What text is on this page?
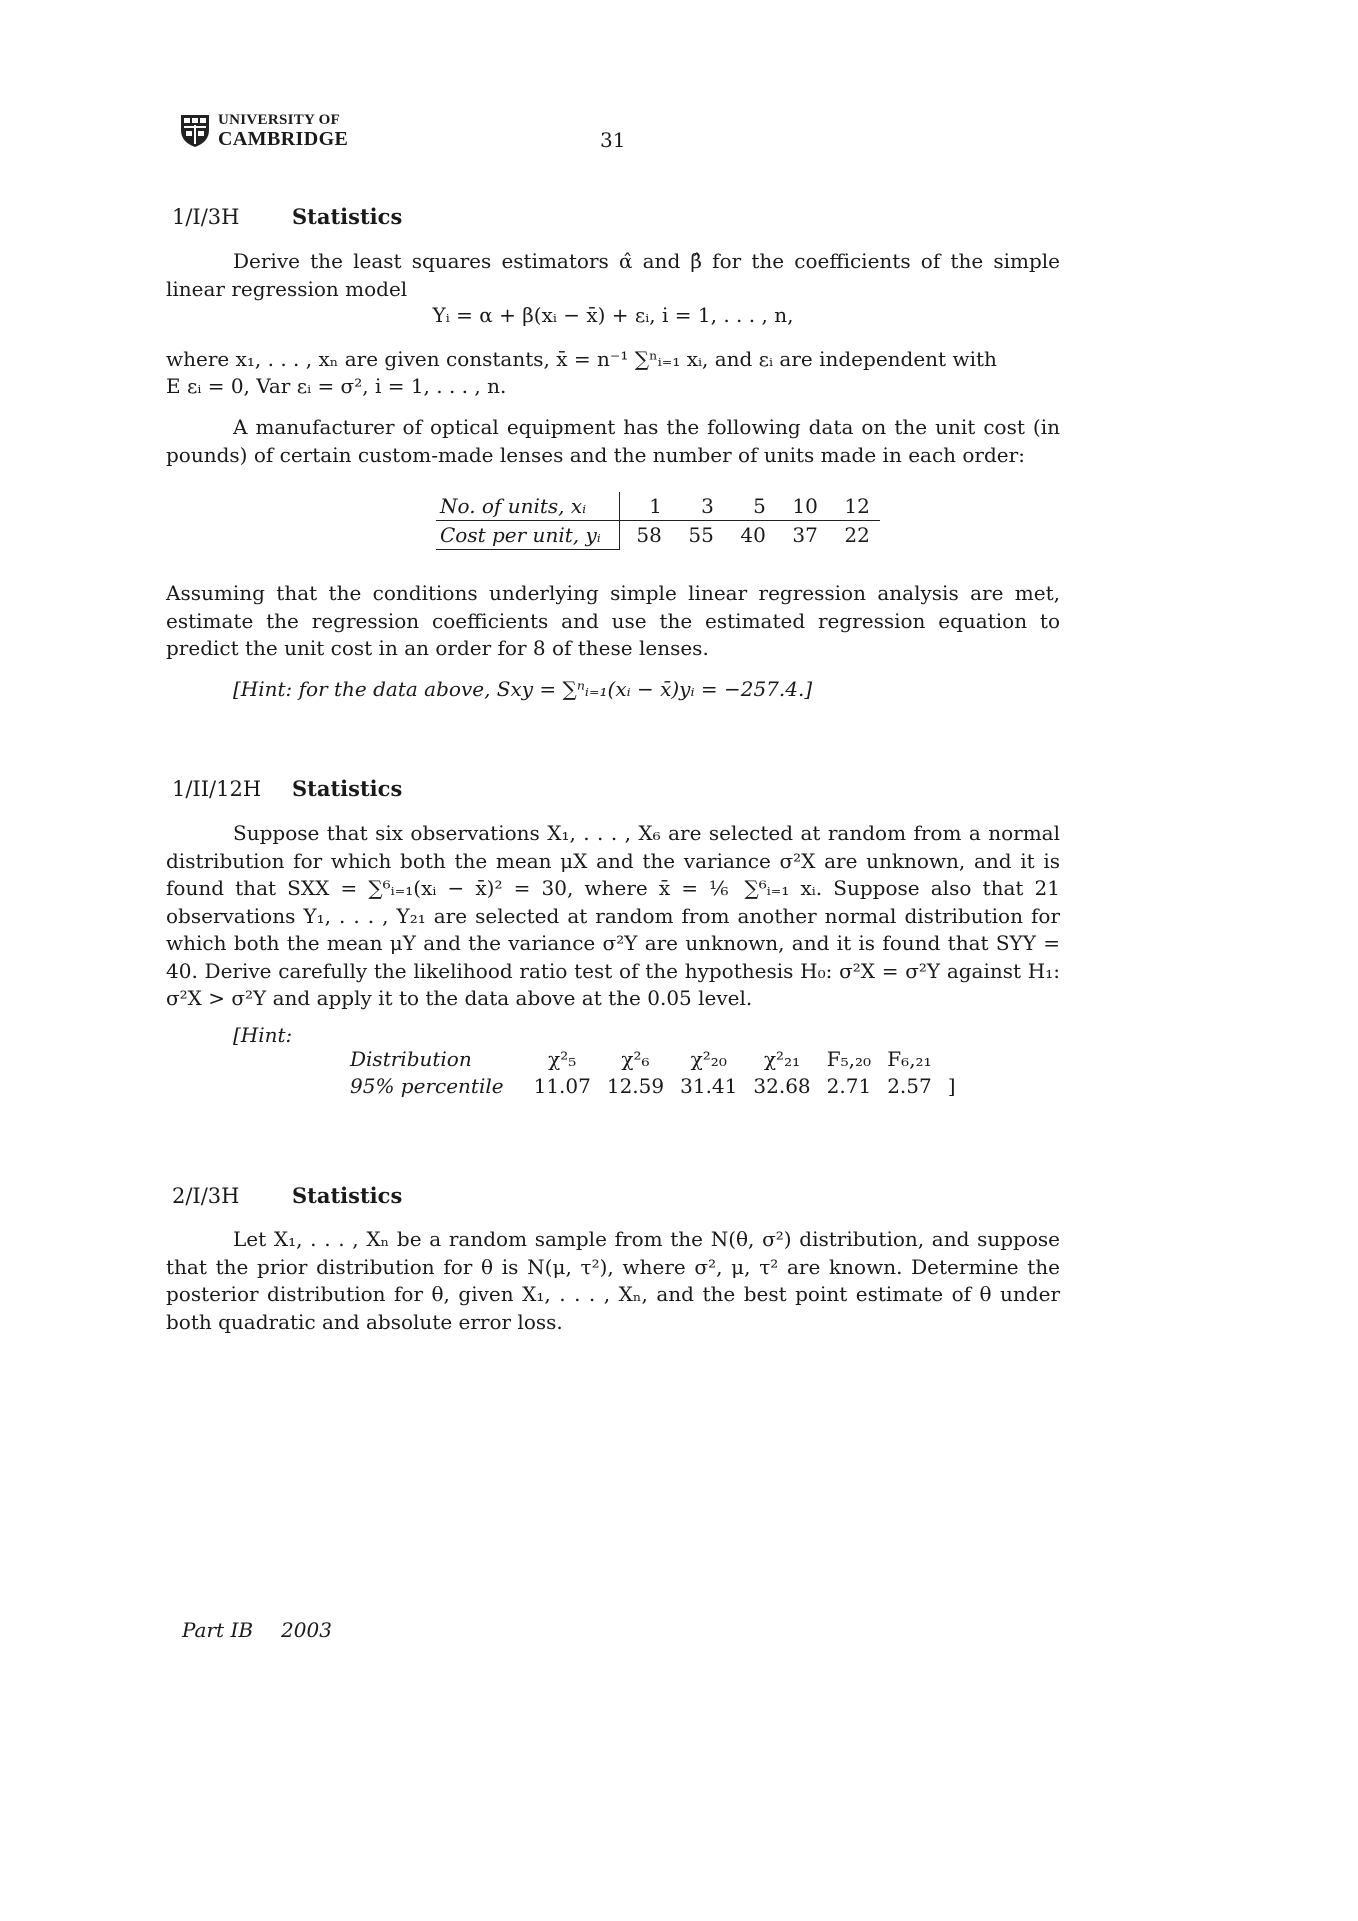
UNIVERSITY OF
CAMBRIDGE	31
1/I/3H	Statistics
Derive the least squares estimators α̂ and β̂ for the coefficients of the simple linear regression model
Yᵢ = α + β(xᵢ − x̄) + εᵢ, i = 1, . . . , n,
where x₁, . . . , xₙ are given constants, x̄ = n⁻¹ ∑ⁿᵢ₌₁ xᵢ, and εᵢ are independent with
E εᵢ = 0, Var εᵢ = σ², i = 1, . . . , n.
A manufacturer of optical equipment has the following data on the unit cost (in pounds) of certain custom-made lenses and the number of units made in each order:
No. of units, xᵢ	1	3	5	10	12
Cost per unit, yᵢ	58	55	40	37	22
Assuming that the conditions underlying simple linear regression analysis are met, estimate the regression coefficients and use the estimated regression equation to predict the unit cost in an order for 8 of these lenses.
[Hint: for the data above, Sxy = ∑ⁿᵢ₌₁(xᵢ − x̄)yᵢ = −257.4.]
1/II/12H Statistics
Suppose that six observations X₁, . . . , X₆ are selected at random from a normal distribution for which both the mean μX and the variance σ²X are unknown, and it is found that SXX = ∑⁶ᵢ₌₁(xᵢ − x̄)² = 30, where x̄ = ⅙ ∑⁶ᵢ₌₁ xᵢ. Suppose also that 21 observations Y₁, . . . , Y₂₁ are selected at random from another normal distribution for which both the mean μY and the variance σ²Y are unknown, and it is found that SYY = 40. Derive carefully the likelihood ratio test of the hypothesis H₀: σ²X = σ²Y against H₁: σ²X > σ²Y and apply it to the data above at the 0.05 level.
[Hint:
Distribution	χ²₅	χ²₆	χ²₂₀	χ²₂₁	F₅,₂₀	F₆,₂₁	
95% percentile	11.07	12.59	31.41	32.68	2.71	2.57	]
2/I/3H	Statistics
Let X₁, . . . , Xₙ be a random sample from the N(θ, σ²) distribution, and suppose that the prior distribution for θ is N(μ, τ²), where σ², μ, τ² are known. Determine the posterior distribution for θ, given X₁, . . . , Xₙ, and the best point estimate of θ under both quadratic and absolute error loss.
Part IB 2003
